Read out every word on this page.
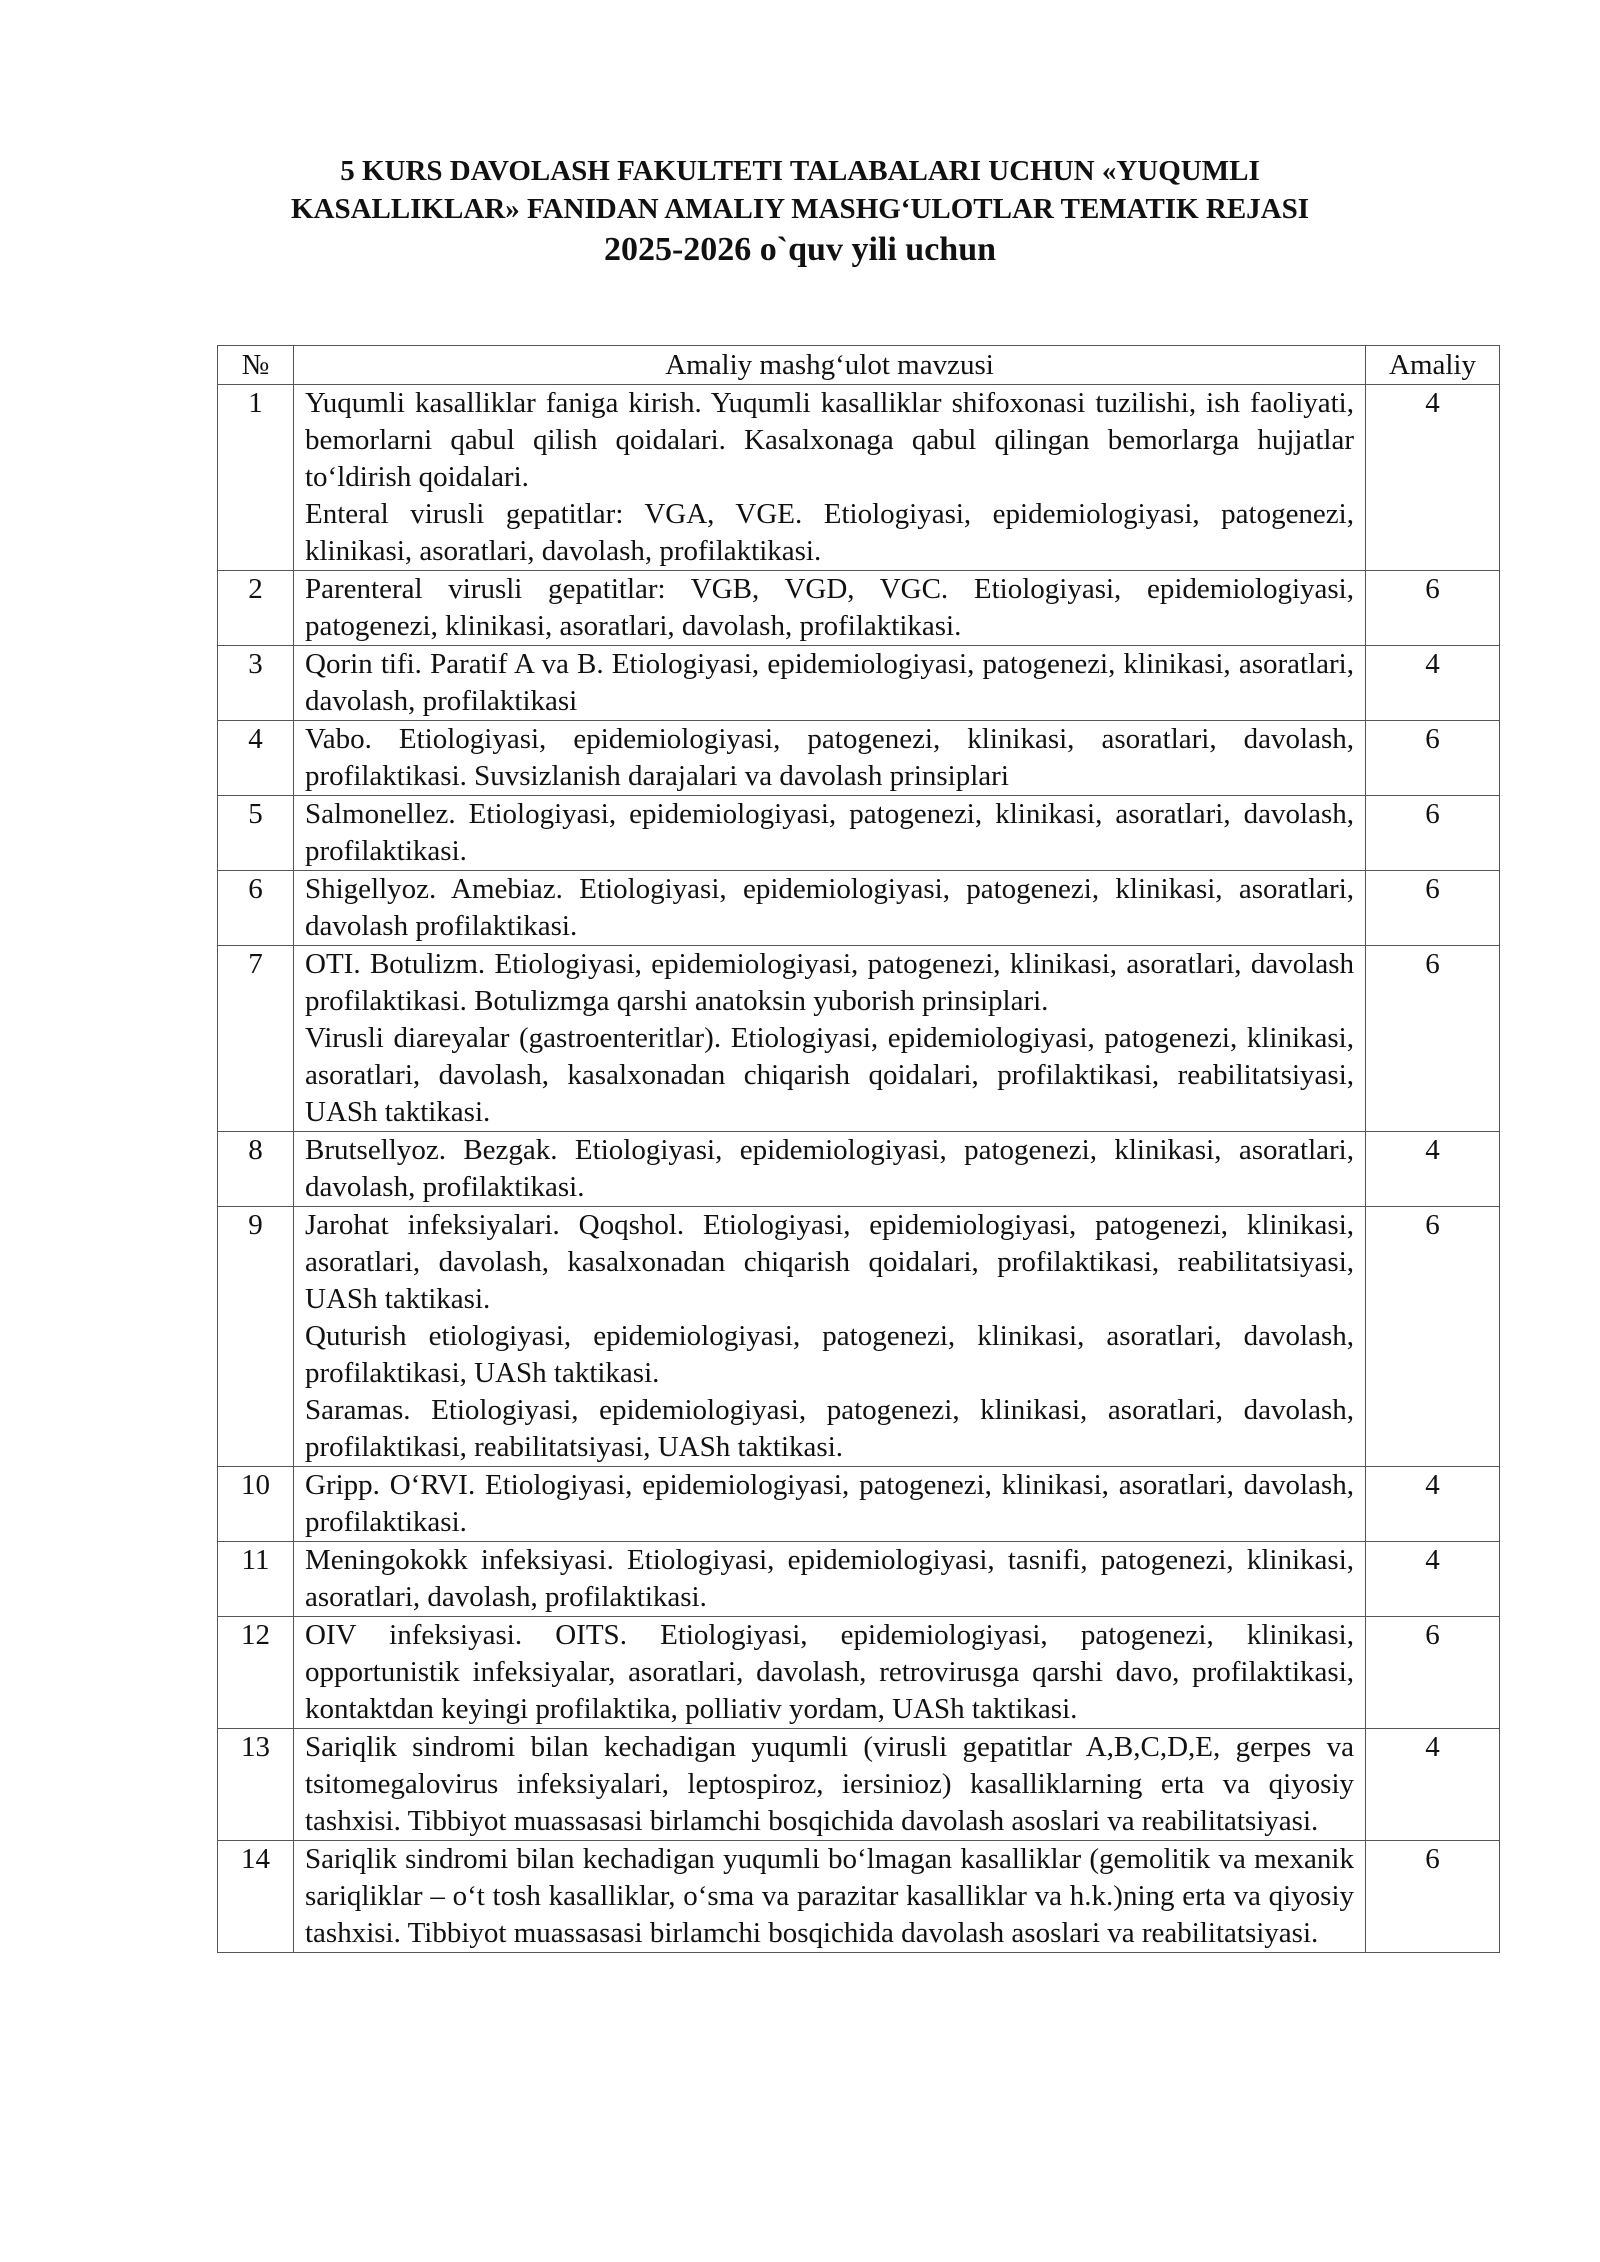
5 KURS DAVOLASH FAKULTETI TALABALARI UCHUN «YUQUMLI
KASALLIKLAR» FANIDAN AMALIY MASHG‘ULOTLAR TEMATIK REJASI
2025-2026 o`quv yili uchun
№	Amaliy mashg‘ulot mavzusi	Amaliy
1	Yuqumli kasalliklar faniga kirish. Yuqumli kasalliklar shifoxonasi tuzilishi, ish faoliyati, bemorlarni qabul qilish qoidalari. Kasalxonaga qabul qilingan bemorlarga hujjatlar to‘ldirish qoidalari.

Enteral virusli gepatitlar: VGA, VGE. Etiologiyasi, epidemiologiyasi, patogenezi, klinikasi, asoratlari, davolash, profilaktikasi.	4
2	Parenteral virusli gepatitlar: VGB, VGD, VGC. Etiologiyasi, epidemiologiyasi, patogenezi, klinikasi, asoratlari, davolash, profilaktikasi.	6
3	Qorin tifi. Paratif A va B. Etiologiyasi, epidemiologiyasi, patogenezi, klinikasi, asoratlari, davolash, profilaktikasi	4
4	Vabo. Etiologiyasi, epidemiologiyasi, patogenezi, klinikasi, asoratlari, davolash, profilaktikasi. Suvsizlanish darajalari va davolash prinsiplari	6
5	Salmonellez. Etiologiyasi, epidemiologiyasi, patogenezi, klinikasi, asoratlari, davolash, profilaktikasi.	6
6	Shigellyoz. Amebiaz. Etiologiyasi, epidemiologiyasi, patogenezi, klinikasi, asoratlari, davolash profilaktikasi.	6
7	OTI. Botulizm. Etiologiyasi, epidemiologiyasi, patogenezi, klinikasi, asoratlari, davolash profilaktikasi. Botulizmga qarshi anatoksin yuborish prinsiplari.

Virusli diareyalar (gastroenteritlar). Etiologiyasi, epidemiologiyasi, patogenezi, klinikasi, asoratlari, davolash, kasalxonadan chiqarish qoidalari, profilaktikasi, reabilitatsiyasi, UASh taktikasi.	6
8	Brutsellyoz. Bezgak. Etiologiyasi, epidemiologiyasi, patogenezi, klinikasi, asoratlari, davolash, profilaktikasi.	4
9	Jarohat infeksiyalari. Qoqshol. Etiologiyasi, epidemiologiyasi, patogenezi, klinikasi, asoratlari, davolash, kasalxonadan chiqarish qoidalari, profilaktikasi, reabilitatsiyasi, UASh taktikasi.

Quturish etiologiyasi, epidemiologiyasi, patogenezi, klinikasi, asoratlari, davolash, profilaktikasi, UASh taktikasi.

Saramas. Etiologiyasi, epidemiologiyasi, patogenezi, klinikasi, asoratlari, davolash, profilaktikasi, reabilitatsiyasi, UASh taktikasi.	6
10	Gripp. O‘RVI. Etiologiyasi, epidemiologiyasi, patogenezi, klinikasi, asoratlari, davolash, profilaktikasi.	4
11	Meningokokk infeksiyasi. Etiologiyasi, epidemiologiyasi, tasnifi, patogenezi, klinikasi, asoratlari, davolash, profilaktikasi.	4
12	OIV infeksiyasi. OITS. Etiologiyasi, epidemiologiyasi, patogenezi, klinikasi, opportunistik infeksiyalar, asoratlari, davolash, retrovirusga qarshi davo, profilaktikasi, kontaktdan keyingi profilaktika, polliativ yordam, UASh taktikasi.	6
13	Sariqlik sindromi bilan kechadigan yuqumli (virusli gepatitlar A,B,C,D,E, gerpes va tsitomegalovirus infeksiyalari, leptospiroz, iersinioz) kasalliklarning erta va qiyosiy tashxisi. Tibbiyot muassasasi birlamchi bosqichida davolash asoslari va reabilitatsiyasi.	4
14	Sariqlik sindromi bilan kechadigan yuqumli bo‘lmagan kasalliklar (gemolitik va mexanik sariqliklar – o‘t tosh kasalliklar, o‘sma va parazitar kasalliklar va h.k.)ning erta va qiyosiy tashxisi. Tibbiyot muassasasi birlamchi bosqichida davolash asoslari va reabilitatsiyasi.	6
